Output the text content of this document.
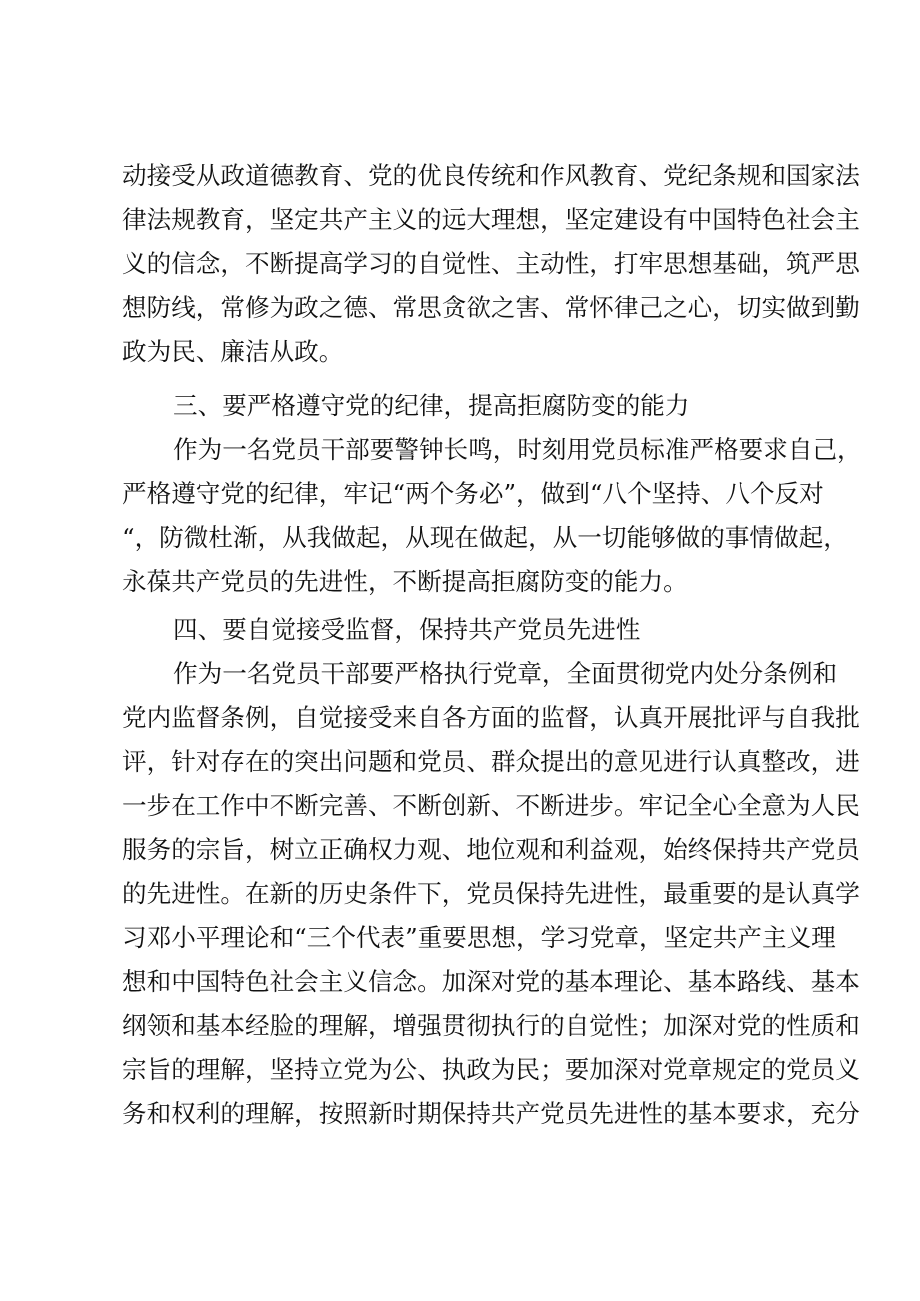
动接受从政道德教育、党的优良传统和作风教育、党纪条规和国家法
律法规教育，坚定共产主义的远大理想，坚定建设有中国特色社会主
义的信念，不断提高学习的自觉性、主动性，打牢思想基础，筑严思
想防线，常修为政之德、常思贪欲之害、常怀律己之心，切实做到勤
政为民、廉洁从政。
三、要严格遵守党的纪律，提高拒腐防变的能力
作为一名党员干部要警钟长鸣，时刻用党员标准严格要求自己，
严格遵守党的纪律，牢记“两个务必”，做到“八个坚持、八个反对
“，防微杜渐，从我做起，从现在做起，从一切能够做的事情做起，
永葆共产党员的先进性，不断提高拒腐防变的能力。
四、要自觉接受监督，保持共产党员先进性
作为一名党员干部要严格执行党章，全面贯彻党内处分条例和
党内监督条例，自觉接受来自各方面的监督，认真开展批评与自我批
评，针对存在的突出问题和党员、群众提出的意见进行认真整改，进
一步在工作中不断完善、不断创新、不断进步。牢记全心全意为人民
服务的宗旨，树立正确权力观、地位观和利益观，始终保持共产党员
的先进性。在新的历史条件下，党员保持先进性，最重要的是认真学
习邓小平理论和“三个代表”重要思想，学习党章，坚定共产主义理
想和中国特色社会主义信念。加深对党的基本理论、基本路线、基本
纲领和基本经脸的理解，增强贯彻执行的自觉性；加深对党的性质和
宗旨的理解，坚持立党为公、执政为民；要加深对党章规定的党员义
务和权利的理解，按照新时期保持共产党员先进性的基本要求，充分
